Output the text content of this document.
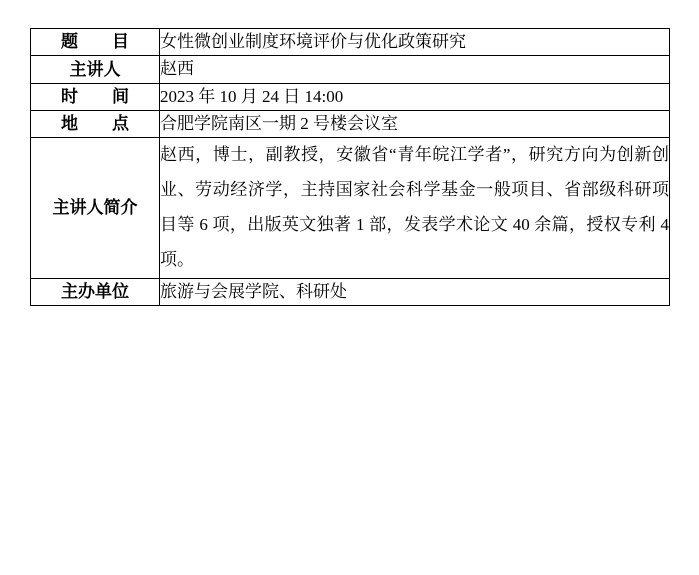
题　　目	女性微创业制度环境评价与优化政策研究
主讲人	赵西
时　　间	2023 年 10 月 24 日 14:00
地　　点	合肥学院南区一期 2 号楼会议室
主讲人简介	赵西，博士，副教授，安徽省“青年皖江学者”，研究方向为创新创业、劳动经济学，主持国家社会科学基金一般项目、省部级科研项目等 6 项，出版英文独著 1 部，发表学术论文 40 余篇，授权专利 4 项。
主办单位	旅游与会展学院、科研处
